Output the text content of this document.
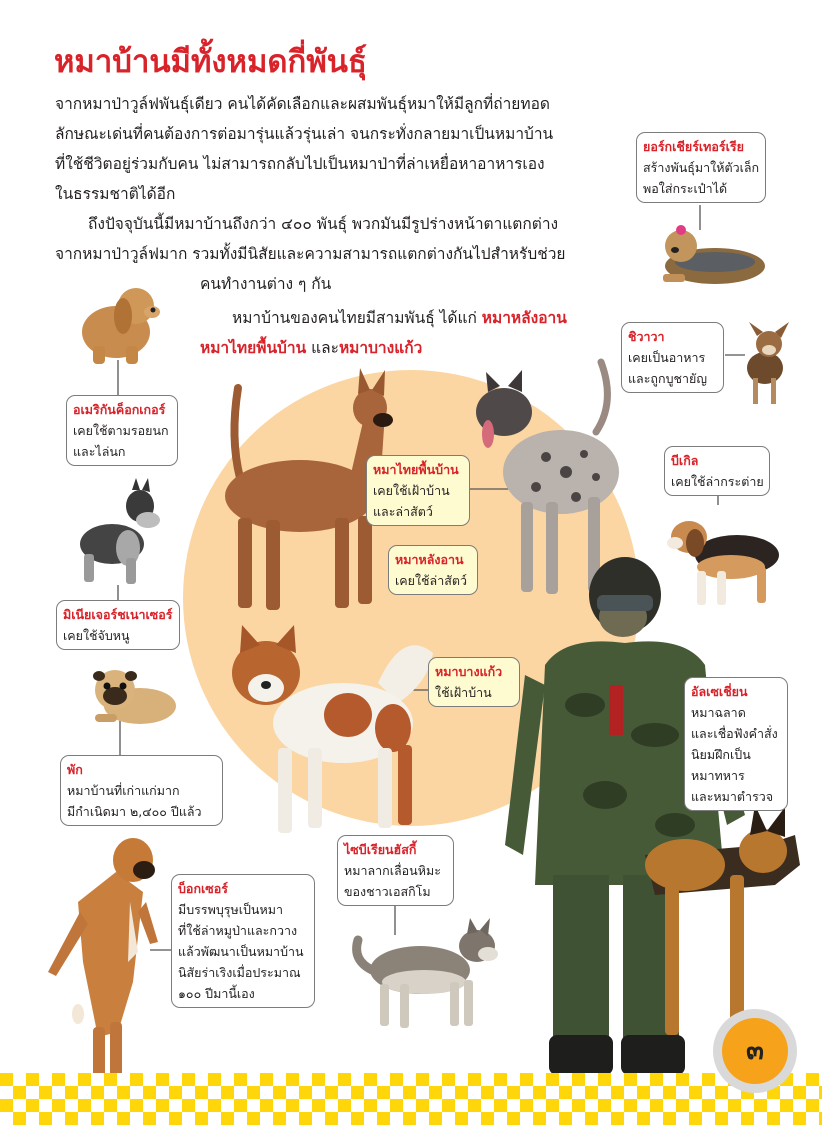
หมาบ้านมีทั้งหมดกี่พันธุ์
จากหมาป่าวูล์ฟพันธุ์เดียว คนได้คัดเลือกและผสมพันธุ์หมาให้มีลูกที่ถ่ายทอด
ลักษณะเด่นที่คนต้องการต่อมารุ่นแล้วรุ่นเล่า จนกระทั่งกลายมาเป็นหมาบ้าน
ที่ใช้ชีวิตอยู่ร่วมกับคน ไม่สามารถกลับไปเป็นหมาป่าที่ล่าเหยื่อหาอาหารเอง
ในธรรมชาติได้อีก
ถึงปัจจุบันนี้มีหมาบ้านถึงกว่า ๔๐๐ พันธุ์ พวกมันมีรูปร่างหน้าตาแตกต่าง
จากหมาป่าวูล์ฟมาก รวมทั้งมีนิสัยและความสามารถแตกต่างกันไปสำหรับช่วย
คนทำงานต่าง ๆ กัน
หมาบ้านของคนไทยมีสามพันธุ์ ได้แก่ หมาหลังอาน
หมาไทยพื้นบ้าน และหมาบางแก้ว
ยอร์กเชียร์เทอร์เรีย
สร้างพันธุ์มาให้ตัวเล็ก
พอใส่กระเป๋าได้
ชิวาวา
เคยเป็นอาหาร
และถูกบูชายัญ
บีเกิล
เคยใช้ล่ากระต่าย
อัลเซเชี่ยน
หมาฉลาด
และเชื่อฟังคำสั่ง
นิยมฝึกเป็น
หมาทหาร
และหมาตำรวจ
อเมริกันค็อกเกอร์
เคยใช้ตามรอยนก
และไล่นก
มิเนียเจอร์ชเนาเซอร์
เคยใช้จับหนู
พัก
หมาบ้านที่เก่าแก่มาก
มีกำเนิดมา ๒,๔๐๐ ปีแล้ว
บ็อกเซอร์
มีบรรพบุรุษเป็นหมา
ที่ใช้ล่าหมูป่าและกวาง
แล้วพัฒนาเป็นหมาบ้าน
นิสัยร่าเริงเมื่อประมาณ
๑๐๐ ปีมานี้เอง
ไซบีเรียนฮัสกี้
หมาลากเลื่อนหิมะ
ของชาวเอสกิโม
หมาไทยพื้นบ้าน
เคยใช้เฝ้าบ้าน
และล่าสัตว์
หมาหลังอาน
เคยใช้ล่าสัตว์
หมาบางแก้ว
ใช้เฝ้าบ้าน
๓
